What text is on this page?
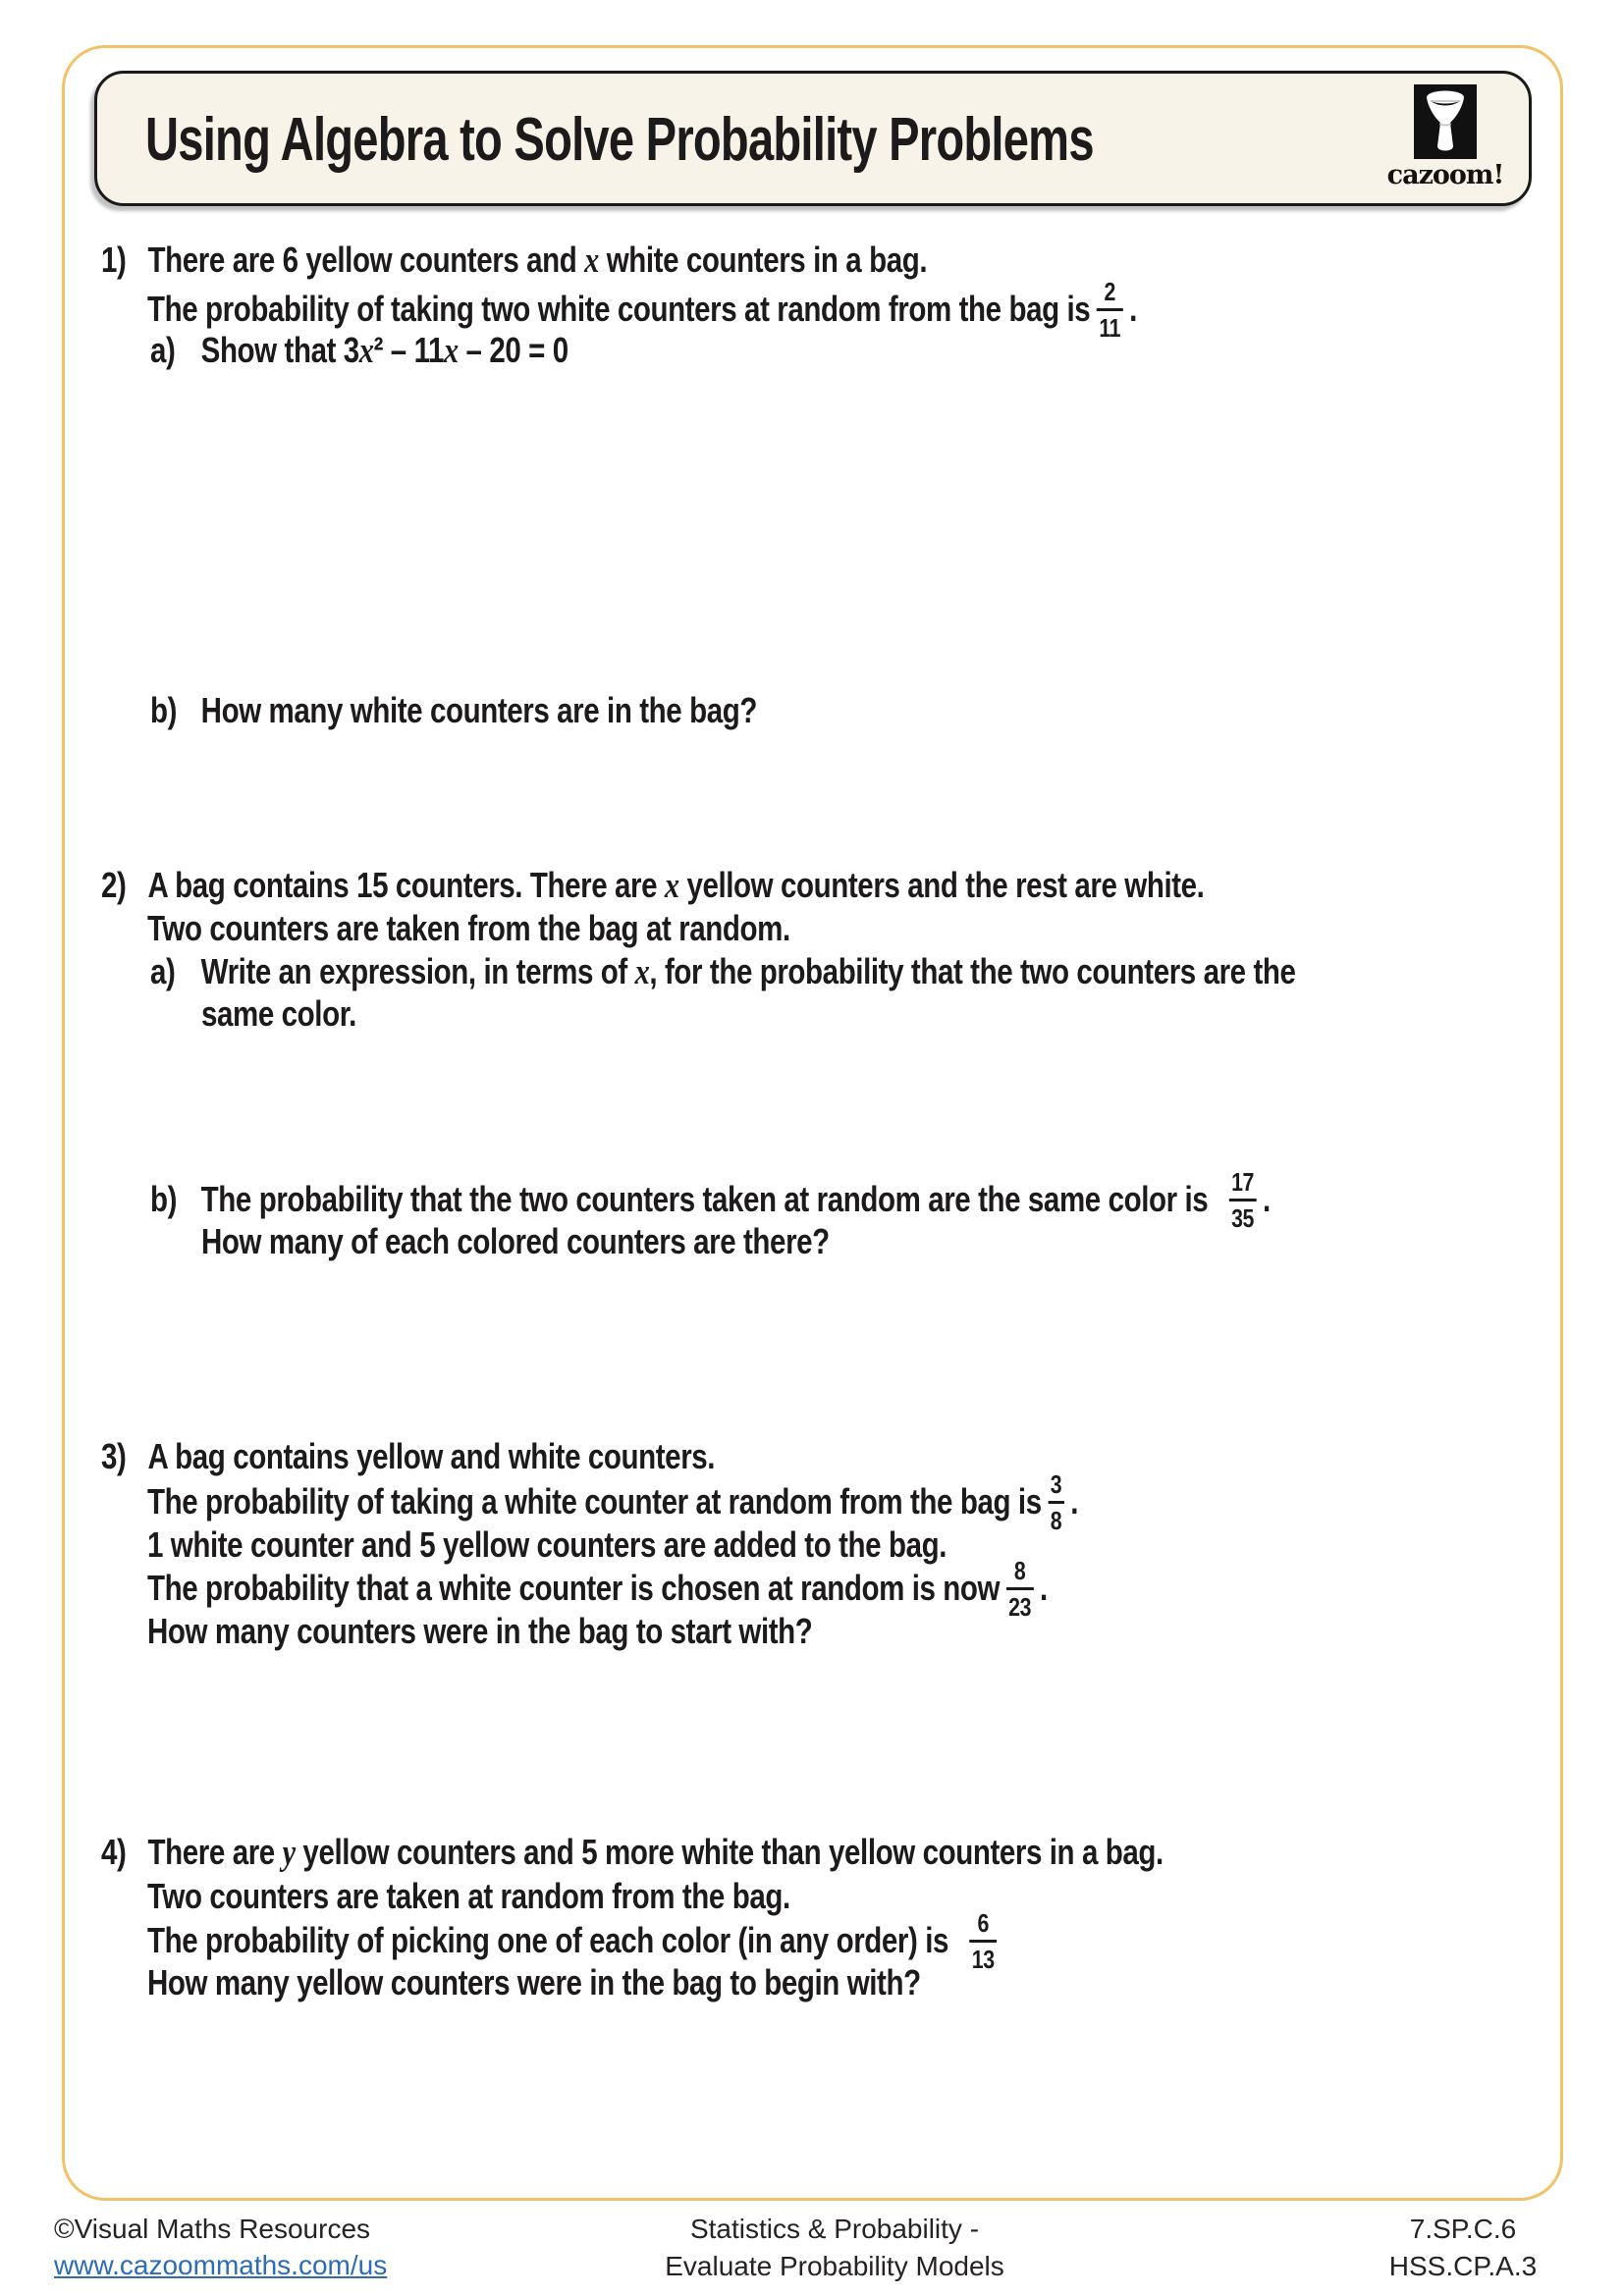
Using Algebra to Solve Probability Problems
cazoom!
1) There are 6 yellow counters and x white counters in a bag.
The probability of taking two white counters at random from the bag is $\frac{2}{11}$ .
a) Show that 3x² – 11x – 20 = 0
b) How many white counters are in the bag?
2) A bag contains 15 counters. There are x yellow counters and the rest are white.
Two counters are taken from the bag at random.
a) Write an expression, in terms of x, for the probability that the two counters are the
same color.
b) The probability that the two counters taken at random are the same color is $\frac{17}{35}$ .
How many of each colored counters are there?
3) A bag contains yellow and white counters.
The probability of taking a white counter at random from the bag is $\frac{3}{8}$ .
1 white counter and 5 yellow counters are added to the bag.
The probability that a white counter is chosen at random is now $\frac{8}{23}$ .
How many counters were in the bag to start with?
4) There are y yellow counters and 5 more white than yellow counters in a bag.
Two counters are taken at random from the bag.
The probability of picking one of each color (in any order) is $\frac{6}{13}$
How many yellow counters were in the bag to begin with?
©Visual Maths Resources
www.cazoommaths.com/us
Statistics & Probability -
Evaluate Probability Models
7.SP.C.6
HSS.CP.A.3
